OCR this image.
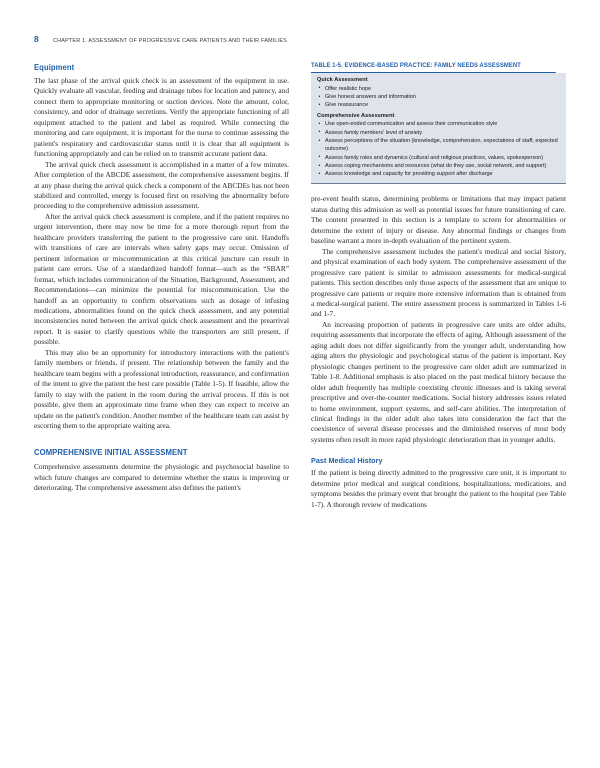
8 CHAPTER 1. ASSESSMENT OF PROGRESSIVE CARE PATIENTS AND THEIR FAMILIES
Equipment

The last phase of the arrival quick check is an assessment of the equipment in use. Quickly evaluate all vascular, feeding and drainage tubes for location and patency, and connect them to appropriate monitoring or suction devices. Note the amount, color, consistency, and odor of drainage secretions. Verify the appropriate functioning of all equipment attached to the patient and label as required. While connecting the monitoring and care equipment, it is important for the nurse to continue assessing the patient's respiratory and cardiovascular status until it is clear that all equipment is functioning appropriately and can be relied on to transmit accurate patient data.

The arrival quick check assessment is accomplished in a matter of a few minutes. After completion of the ABCDE assessment, the comprehensive assessment begins. If at any phase during the arrival quick check a component of the ABCDEs has not been stabilized and controlled, energy is focused first on resolving the abnormality before proceeding to the comprehensive admission assessment.

After the arrival quick check assessment is complete, and if the patient requires no urgent intervention, there may now be time for a more thorough report from the healthcare providers transferring the patient to the progressive care unit. Handoffs with transitions of care are intervals when safety gaps may occur. Omission of pertinent information or miscommunication at this critical juncture can result in patient care errors. Use of a standardized handoff format—such as the “SBAR” format, which includes communication of the Situation, Background, Assessment, and Recommendations—can minimize the potential for miscommunication. Use the handoff as an opportunity to confirm observations such as dosage of infusing medications, abnormalities found on the quick check assessment, and any potential inconsistencies noted between the arrival quick check assessment and the prearrival report. It is easier to clarify questions while the transporters are still present, if possible.

This may also be an opportunity for introductory interactions with the patient's family members or friends, if present. The relationship between the family and the healthcare team begins with a professional introduction, reassurance, and confirmation of the intent to give the patient the best care possible (Table 1-5). If feasible, allow the family to stay with the patient in the room during the arrival process. If this is not possible, give them an approximate time frame when they can expect to receive an update on the patient's condition. Another member of the healthcare team can assist by escorting them to the appropriate waiting area.

COMPREHENSIVE INITIAL ASSESSMENT

Comprehensive assessments determine the physiologic and psychosocial baseline to which future changes are compared to determine whether the status is improving or deteriorating. The comprehensive assessment also defines the patient's

TABLE 1-5. EVIDENCE-BASED PRACTICE: FAMILY NEEDS ASSESSMENT

Quick Assessment

• Offer realistic hope
• Give honest answers and information
• Give reassurance

Comprehensive Assessment

• Use open-ended communication and assess their communication style
• Assess family members' level of anxiety
• Assess perceptions of the situation (knowledge, comprehension, expectations of staff, expected outcome)
• Assess family roles and dynamics (cultural and religious practices, values, spokesperson)
• Assess coping mechanisms and resources (what do they use, social network, and support)
• Assess knowledge and capacity for providing support after discharge

pre-event health status, determining problems or limitations that may impact patient status during this admission as well as potential issues for future transitioning of care. The content presented in this section is a template to screen for abnormalities or determine the extent of injury or disease. Any abnormal findings or changes from baseline warrant a more in-depth evaluation of the pertinent system.

The comprehensive assessment includes the patient's medical and social history, and physical examination of each body system. The comprehensive assessment of the progressive care patient is similar to admission assessments for medical-surgical patients. This section describes only those aspects of the assessment that are unique to progressive care patients or require more extensive information than is obtained from a medical-surgical patient. The entire assessment process is summarized in Tables 1-6 and 1-7.

An increasing proportion of patients in progressive care units are older adults, requiring assessments that incorporate the effects of aging. Although assessment of the aging adult does not differ significantly from the younger adult, understanding how aging alters the physiologic and psychological status of the patient is important. Key physiologic changes pertinent to the progressive care older adult are summarized in Table 1-8. Additional emphasis is also placed on the past medical history because the older adult frequently has multiple coexisting chronic illnesses and is taking several prescriptive and over-the-counter medications. Social history addresses issues related to home environment, support systems, and self-care abilities. The interpretation of clinical findings in the older adult also takes into consideration the fact that the coexistence of several disease processes and the diminished reserves of most body systems often result in more rapid physiologic deterioration than in younger adults.

Past Medical History

If the patient is being directly admitted to the progressive care unit, it is important to determine prior medical and surgical conditions, hospitalizations, medications, and symptoms besides the primary event that brought the patient to the hospital (see Table 1-7). A thorough review of medications
